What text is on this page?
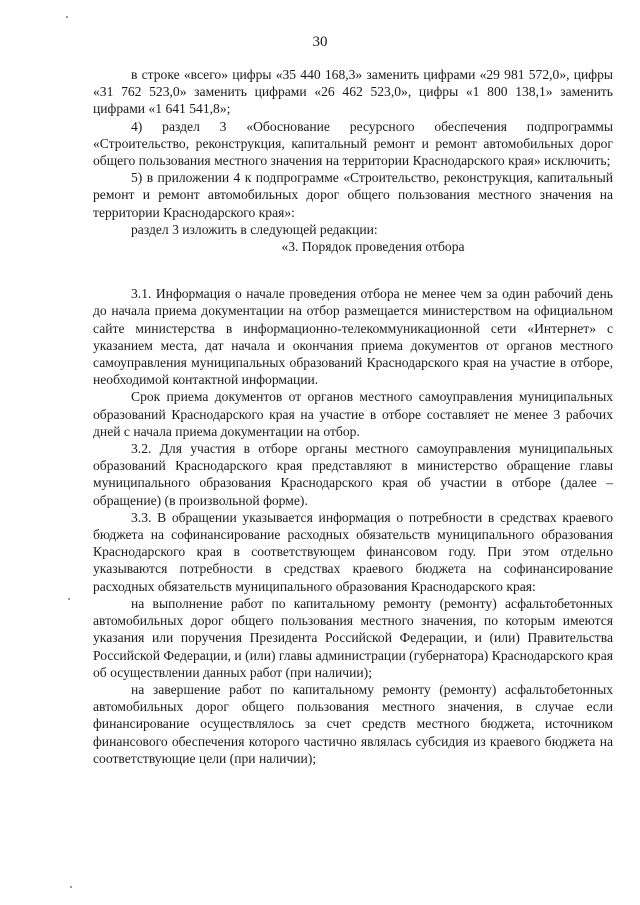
30

в строке «всего» цифры «35 440 168,3» заменить цифрами «29 981 572,0», цифры «31 762 523,0» заменить цифрами «26 462 523,0», цифры «1 800 138,1» заменить цифрами «1 641 541,8»;

4) раздел 3 «Обоснование ресурсного обеспечения подпрограммы «Строительство, реконструкция, капитальный ремонт и ремонт автомобильных дорог общего пользования местного значения на территории Краснодарского края» исключить;

5) в приложении 4 к подпрограмме «Строительство, реконструкция, капитальный ремонт и ремонт автомобильных дорог общего пользования местного значения на территории Краснодарского края»:

раздел 3 изложить в следующей редакции:

«3. Порядок проведения отбора

3.1. Информация о начале проведения отбора не менее чем за один рабочий день до начала приема документации на отбор размещается министерством на официальном сайте министерства в информационно-телекоммуникационной сети «Интернет» с указанием места, дат начала и окончания приема документов от органов местного самоуправления муниципальных образований Краснодарского края на участие в отборе, необходимой контактной информации.

Срок приема документов от органов местного самоуправления муниципальных образований Краснодарского края на участие в отборе составляет не менее 3 рабочих дней с начала приема документации на отбор.

3.2. Для участия в отборе органы местного самоуправления муниципальных образований Краснодарского края представляют в министерство обращение главы муниципального образования Краснодарского края об участии в отборе (далее – обращение) (в произвольной форме).

3.3. В обращении указывается информация о потребности в средствах краевого бюджета на софинансирование расходных обязательств муниципального образования Краснодарского края в соответствующем финансовом году. При этом отдельно указываются потребности в средствах краевого бюджета на софинансирование расходных обязательств муниципального образования Краснодарского края:

на выполнение работ по капитальному ремонту (ремонту) асфальтобетонных автомобильных дорог общего пользования местного значения, по которым имеются указания или поручения Президента Российской Федерации, и (или) Правительства Российской Федерации, и (или) главы администрации (губернатора) Краснодарского края об осуществлении данных работ (при наличии);

на завершение работ по капитальному ремонту (ремонту) асфальтобетонных автомобильных дорог общего пользования местного значения, в случае если финансирование осуществлялось за счет средств местного бюджета, источником финансового обеспечения которого частично являлась субсидия из краевого бюджета на соответствующие цели (при наличии);
